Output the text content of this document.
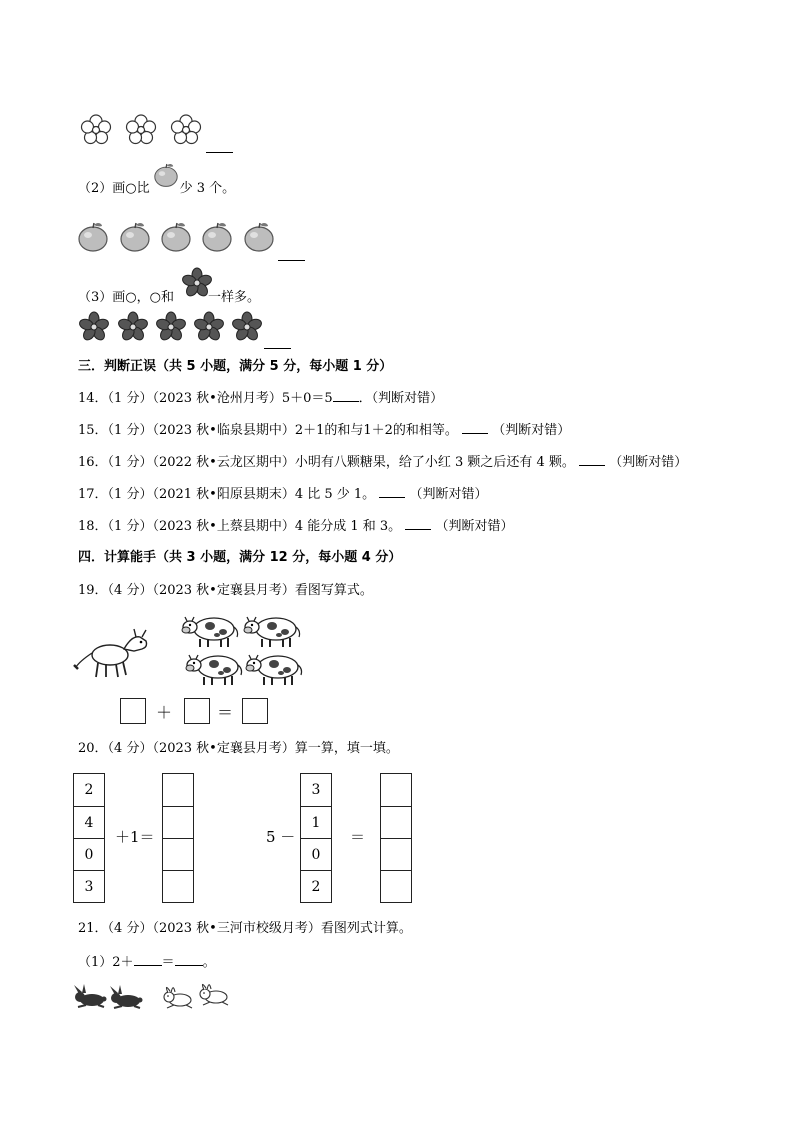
（2）画○比 少 3 个。
（3）画○，○和	一样多。
三．判断正误（共 5 小题，满分 5 分，每小题 1 分）
14．（1 分）（2023 秋•沧州月考）5＋0＝5 ．（判断对错）
15．（1 分）（2023 秋•临泉县期中）2＋1的和与1＋2的和相等。	（判断对错）
16．（1 分）（2022 秋•云龙区期中）小明有八颗糖果，给了小红 3 颗之后还有 4 颗。	（判断对错）
17．（1 分）（2021 秋•阳原县期末）4 比 5 少 1。	（判断对错）
18．（1 分）（2023 秋•上蔡县期中）4 能分成 1 和 3。	（判断对错）
四．计算能手（共 3 小题，满分 12 分，每小题 4 分）
19．（4 分）（2023 秋•定襄县月考）看图写算式。
＋	＝
20．（4 分）（2023 秋•定襄县月考）算一算，填一填。
2
4
0
3
＋1＝	5 －
3
1
0
2
＝
21．（4 分）（2023 秋•三河市校级月考）看图列式计算。
（1）2＋ ＝ 。
